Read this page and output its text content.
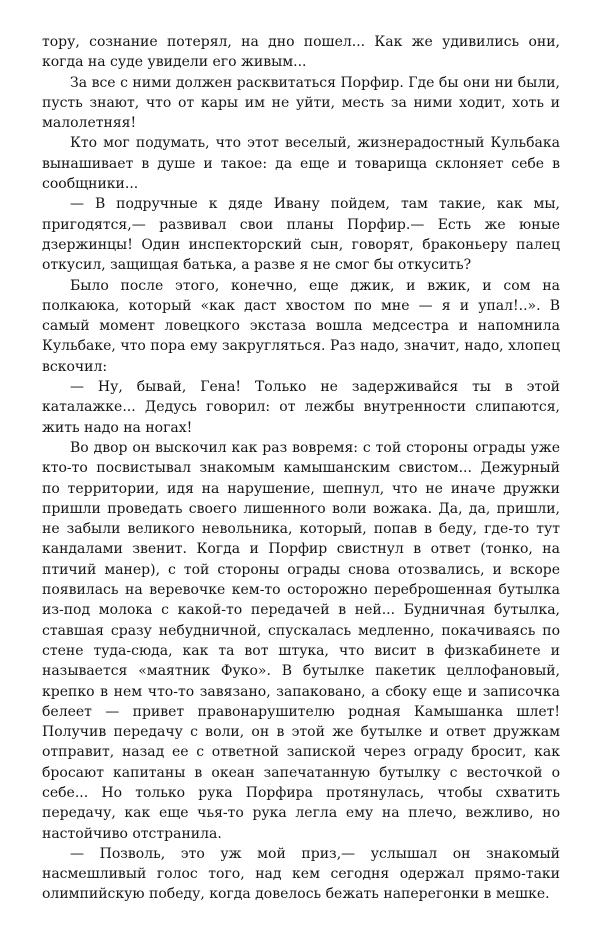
тору, сознание потерял, на дно пошел... Как же удивились они, когда на суде увидели его живым...

За все с ними должен расквитаться Порфир. Где бы они ни были, пусть знают, что от кары им не уйти, месть за ними ходит, хоть и малолетняя!

Кто мог подумать, что этот веселый, жизнерадостный Кульбака вынашивает в душе и такое: да еще и товарища склоняет себе в сообщники...

— В подручные к дяде Ивану пойдем, там такие, как мы, пригодятся,— развивал свои планы Порфир.— Есть же юные дзержинцы! Один инспекторский сын, говорят, браконьеру палец откусил, защищая батька, а разве я не смог бы откусить?

Было после этого, конечно, еще джик, и вжик, и сом на полкаюка, который «как даст хвостом по мне — я и упал!..». В самый момент ловецкого экстаза вошла медсестра и напомнила Кульбаке, что пора ему закругляться. Раз надо, значит, надо, хлопец вскочил:

— Ну, бывай, Гена! Только не задерживайся ты в этой каталажке... Дедусь говорил: от лежбы внутренности слипаются, жить надо на ногах!

Во двор он выскочил как раз вовремя: с той стороны ограды уже кто-то посвистывал знакомым камышанским свистом... Дежурный по территории, идя на нарушение, шепнул, что не иначе дружки пришли проведать своего лишенного воли вожака. Да, да, пришли, не забыли великого невольника, который, попав в беду, где-то тут кандалами звенит. Когда и Порфир свистнул в ответ (тонко, на птичий манер), с той стороны ограды снова отозвались, и вскоре появилась на веревочке кем-то осторожно переброшенная бутылка из-под молока с какой-то передачей в ней... Будничная бутылка, ставшая сразу небудничной, спускалась медленно, покачиваясь по стене туда-сюда, как та вот штука, что висит в физкабинете и называется «маятник Фуко». В бутылке пакетик целлофановый, крепко в нем что-то завязано, запаковано, а сбоку еще и записочка белеет — привет правонарушителю родная Камышанка шлет! Получив передачу с воли, он в этой же бутылке и ответ дружкам отправит, назад ее с ответной запиской через ограду бросит, как бросают капитаны в океан запечатанную бутылку с весточкой о себе... Но только рука Порфира протянулась, чтобы схватить передачу, как еще чья-то рука легла ему на плечо, вежливо, но настойчиво отстранила.

— Позволь, это уж мой приз,— услышал он знакомый насмешливый голос того, над кем сегодня одержал прямо-таки олимпийскую победу, когда довелось бежать наперегонки в мешке.
